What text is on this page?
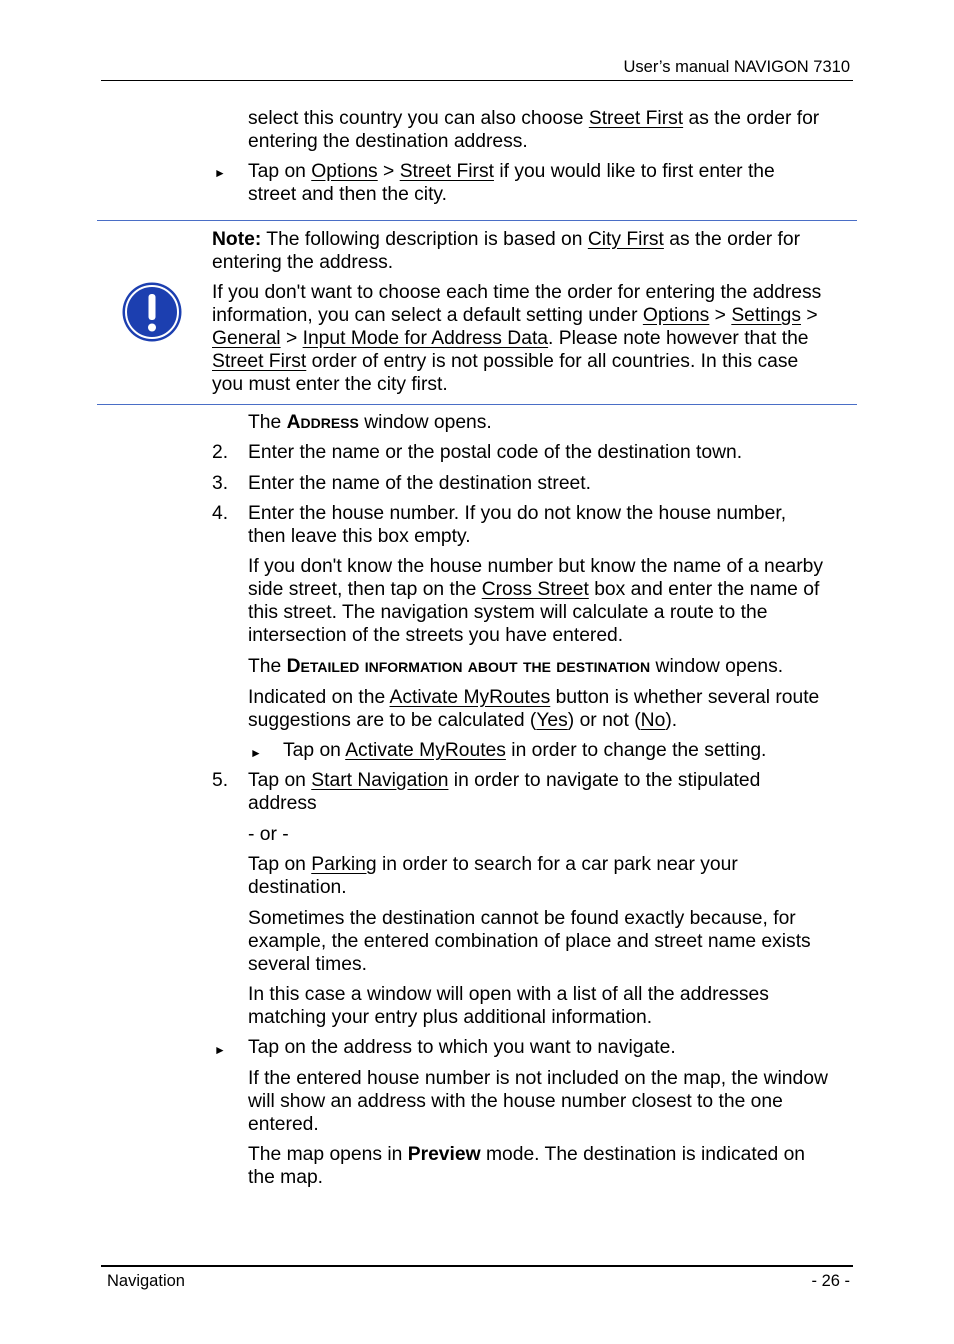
User’s manual NAVIGON 7310
select this country you can also choose Street First as the order for
entering the destination address.
► Tap on Options > Street First if you would like to first enter the
street and then the city.
Note: The following description is based on City First as the order for
entering the address.
If you don't want to choose each time the order for entering the address
information, you can select a default setting under Options > Settings >
General > Input Mode for Address Data. Please note however that the
Street First order of entry is not possible for all countries. In this case
you must enter the city first.
The Address window opens.
2. Enter the name or the postal code of the destination town.
3. Enter the name of the destination street.
4. Enter the house number. If you do not know the house number,
then leave this box empty.
If you don't know the house number but know the name of a nearby
side street, then tap on the Cross Street box and enter the name of
this street. The navigation system will calculate a route to the
intersection of the streets you have entered.
The Detailed information about the destination window opens.
Indicated on the Activate MyRoutes button is whether several route
suggestions are to be calculated (Yes) or not (No).
► Tap on Activate MyRoutes in order to change the setting.
5. Tap on Start Navigation in order to navigate to the stipulated
address
- or -
Tap on Parking in order to search for a car park near your
destination.
Sometimes the destination cannot be found exactly because, for
example, the entered combination of place and street name exists
several times.
In this case a window will open with a list of all the addresses
matching your entry plus additional information.
► Tap on the address to which you want to navigate.
If the entered house number is not included on the map, the window
will show an address with the house number closest to the one
entered.
The map opens in Preview mode. The destination is indicated on
the map.
Navigation	- 26 -
